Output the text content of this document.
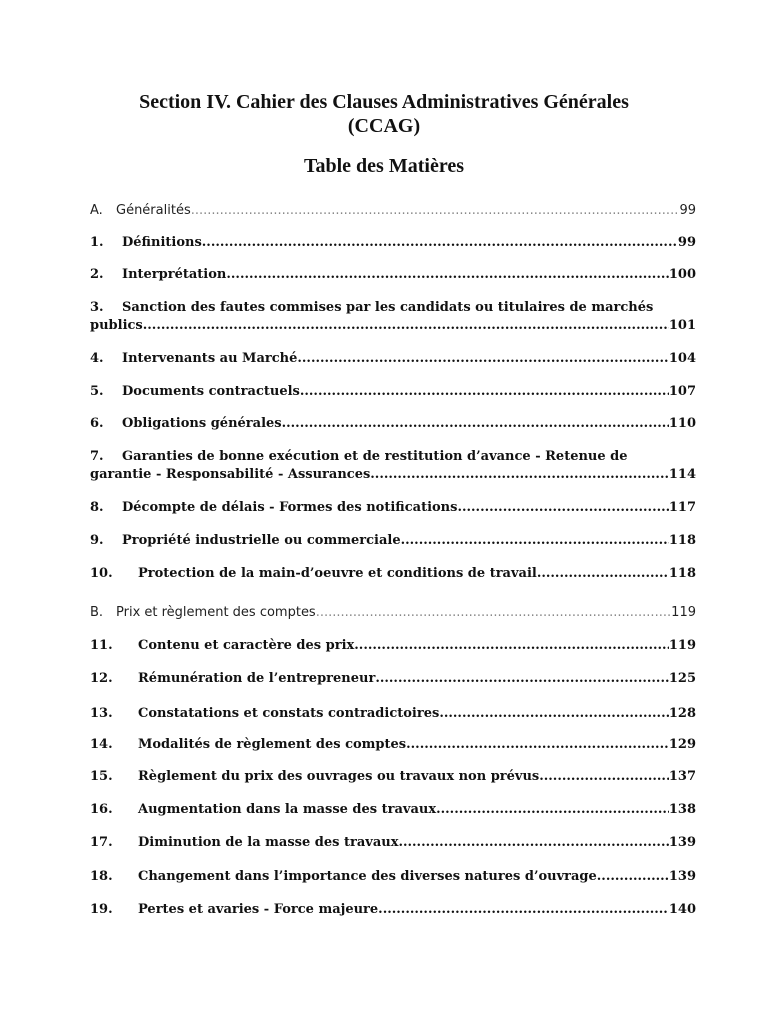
Section IV. Cahier des Clauses Administratives Générales
(CCAG)
Table des Matières
A.	Généralités .....	99
1.	Définitions .....	99
2.	Interprétation .....	100
3.	Sanction des fautes commises par les candidats ou titulaires de marchés
publics .....	101
4.	Intervenants au Marché .....	104
5.	Documents contractuels .....	107
6.	Obligations générales .....	110
7.	Garanties de bonne exécution et de restitution d’avance - Retenue de
garantie - Responsabilité - Assurances .....	114
8.	Décompte de délais - Formes des notifications .....	117
9.	Propriété industrielle ou commerciale .....	118
10.	Protection de la main-d’oeuvre et conditions de travail .....	118
B. Prix et règlement des comptes .....	119
11.	Contenu et caractère des prix .....	119
12.	Rémunération de l’entrepreneur .....	125
13.	Constatations et constats contradictoires .....	128
14.	Modalités de règlement des comptes .....	129
15.	Règlement du prix des ouvrages ou travaux non prévus .....	137
16.	Augmentation dans la masse des travaux .....	138
17.	Diminution de la masse des travaux .....	139
18.	Changement dans l’importance des diverses natures d’ouvrage .....	139
19.	Pertes et avaries - Force majeure .....	140
